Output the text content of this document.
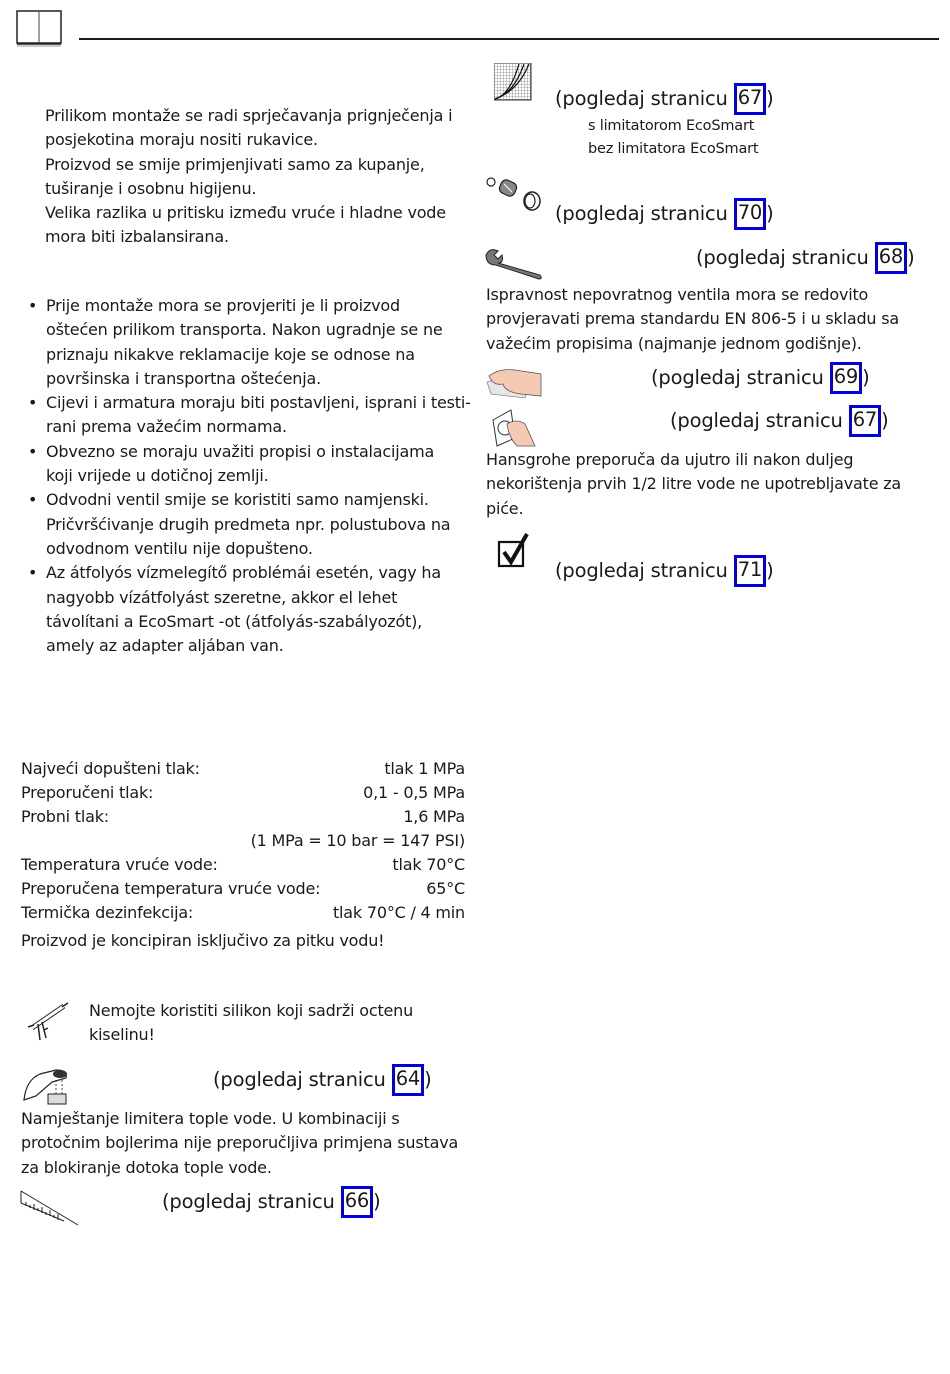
Prilikom montaže se radi sprječavanja prignječenja i
posjekotina moraju nositi rukavice.
Proizvod se smije primjenjivati samo za kupanje,
tuširanje i osobnu higijenu.
Velika razlika u pritisku između vruće i hladne vode
mora biti izbalansirana.
• Prije montaže mora se provjeriti je li proizvod
oštećen prilikom transporta. Nakon ugradnje se ne
priznaju nikakve reklamacije koje se odnose na
površinska i transportna oštećenja.
• Cijevi i armatura moraju biti postavljeni, isprani i testi-
rani prema važećim normama.
• Obvezno se moraju uvažiti propisi o instalacijama
koji vrijede u dotičnoj zemlji.
• Odvodni ventil smije se koristiti samo namjenski.
Pričvršćivanje drugih predmeta npr. polustubova na
odvodnom ventilu nije dopušteno.
• Az átfolyós vízmelegítő problémái esetén, vagy ha
nagyobb vízátfolyást szeretne, akkor el lehet
távolítani a EcoSmart -ot (átfolyás-szabályozót),
amely az adapter aljában van.
Najveći dopušteni tlak:	tlak 1 MPa
Preporučeni tlak:	0,1 - 0,5 MPa
Probni tlak:	1,6 MPa
(1 MPa = 10 bar = 147 PSI)
Temperatura vruće vode:	tlak 70°C
Preporučena temperatura vruće vode:	65°C
Termička dezinfekcija:	tlak 70°C / 4 min
Proizvod je koncipiran isključivo za pitku vodu!
Nemojte koristiti silikon koji sadrži octenu
kiselinu!
(pogledaj stranicu 64 )
Namještanje limitera tople vode. U kombinaciji s
protočnim bojlerima nije preporučljiva primjena sustava
za blokiranje dotoka tople vode.
(pogledaj stranicu 66 )
(pogledaj stranicu 67 )
s limitatorom EcoSmart
bez limitatora EcoSmart
(pogledaj stranicu 70 )
(pogledaj stranicu 68 )
Ispravnost nepovratnog ventila mora se redovito
provjeravati prema standardu EN 806-5 i u skladu sa
važećim propisima (najmanje jednom godišnje).
(pogledaj stranicu 69 )
(pogledaj stranicu 67 )
Hansgrohe preporuča da ujutro ili nakon duljeg
nekorištenja prvih 1/2 litre vode ne upotrebljavate za
piće.
(pogledaj stranicu 71 )
